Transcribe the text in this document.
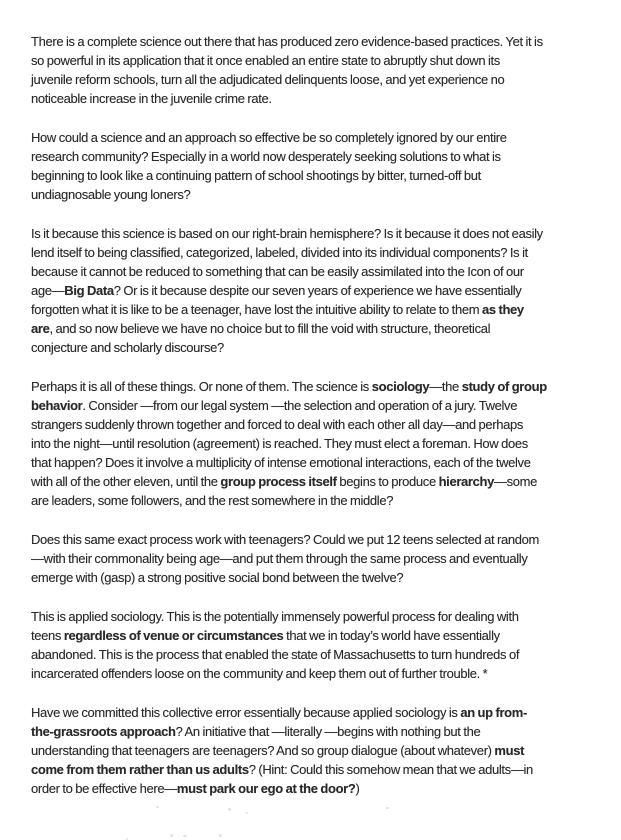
There is a complete science out there that has produced zero evidence-based practices. Yet it is
so powerful in its application that it once enabled an entire state to abruptly shut down its
juvenile reform schools, turn all the adjudicated delinquents loose, and yet experience no
noticeable increase in the juvenile crime rate.

How could a science and an approach so effective be so completely ignored by our entire
research community? Especially in a world now desperately seeking solutions to what is
beginning to look like a continuing pattern of school shootings by bitter, turned-off but
undiagnosable young loners?

Is it because this science is based on our right-brain hemisphere? Is it because it does not easily
lend itself to being classified, categorized, labeled, divided into its individual components? Is it
because it cannot be reduced to something that can be easily assimilated into the Icon of our
age—Big Data? Or is it because despite our seven years of experience we have essentially
forgotten what it is like to be a teenager, have lost the intuitive ability to relate to them as they
are, and so now believe we have no choice but to fill the void with structure, theoretical
conjecture and scholarly discourse?

Perhaps it is all of these things. Or none of them. The science is sociology—the study of group
behavior. Consider —from our legal system —the selection and operation of a jury. Twelve
strangers suddenly thrown together and forced to deal with each other all day—and perhaps
into the night—until resolution (agreement) is reached. They must elect a foreman. How does
that happen? Does it involve a multiplicity of intense emotional interactions, each of the twelve
with all of the other eleven, until the group process itself begins to produce hierarchy—some
are leaders, some followers, and the rest somewhere in the middle?

Does this same exact process work with teenagers? Could we put 12 teens selected at random
—with their commonality being age—and put them through the same process and eventually
emerge with (gasp) a strong positive social bond between the twelve?

This is applied sociology. This is the potentially immensely powerful process for dealing with
teens regardless of venue or circumstances that we in today’s world have essentially
abandoned. This is the process that enabled the state of Massachusetts to turn hundreds of
incarcerated offenders loose on the community and keep them out of further trouble. *

Have we committed this collective error essentially because applied sociology is an up from-
the-grassroots approach? An initiative that —literally —begins with nothing but the
understanding that teenagers are teenagers? And so group dialogue (about whatever) must
come from them rather than us adults? (Hint: Could this somehow mean that we adults—in
order to be effective here—must park our ego at the door?)
